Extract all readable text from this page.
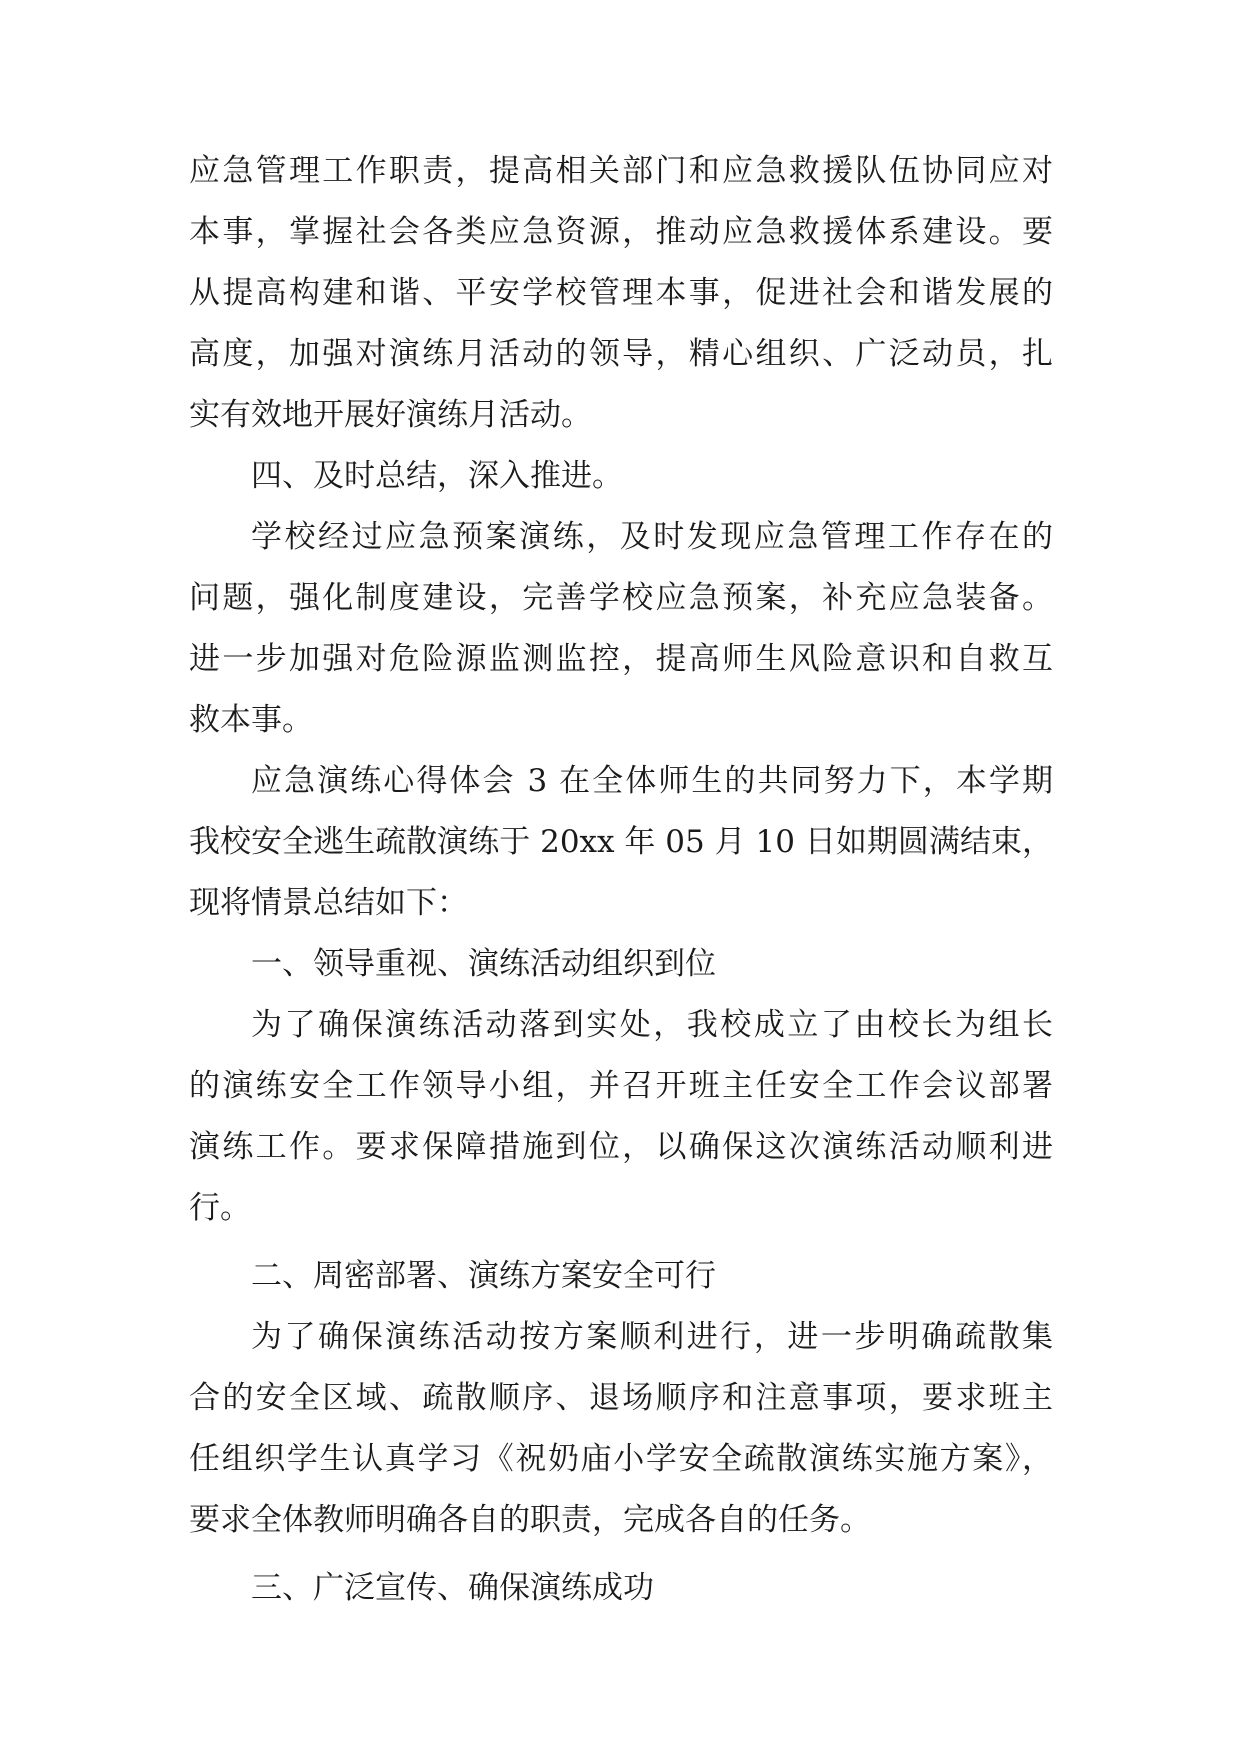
应急管理工作职责，提高相关部门和应急救援队伍协同应对
本事，掌握社会各类应急资源，推动应急救援体系建设。要
从提高构建和谐、平安学校管理本事，促进社会和谐发展的
高度，加强对演练月活动的领导，精心组织、广泛动员，扎
实有效地开展好演练月活动。
四、及时总结，深入推进。
学校经过应急预案演练，及时发现应急管理工作存在的
问题，强化制度建设，完善学校应急预案，补充应急装备。
进一步加强对危险源监测监控，提高师生风险意识和自救互
救本事。
应急演练心得体会 3 在全体师生的共同努力下，本学期
我校安全逃生疏散演练于 20xx 年 05 月 10 日如期圆满结束，
现将情景总结如下：
一、领导重视、演练活动组织到位
为了确保演练活动落到实处，我校成立了由校长为组长
的演练安全工作领导小组，并召开班主任安全工作会议部署
演练工作。要求保障措施到位，以确保这次演练活动顺利进
行。
二、周密部署、演练方案安全可行
为了确保演练活动按方案顺利进行，进一步明确疏散集
合的安全区域、疏散顺序、退场顺序和注意事项，要求班主
任组织学生认真学习《祝奶庙小学安全疏散演练实施方案》，
要求全体教师明确各自的职责，完成各自的任务。
三、广泛宣传、确保演练成功
